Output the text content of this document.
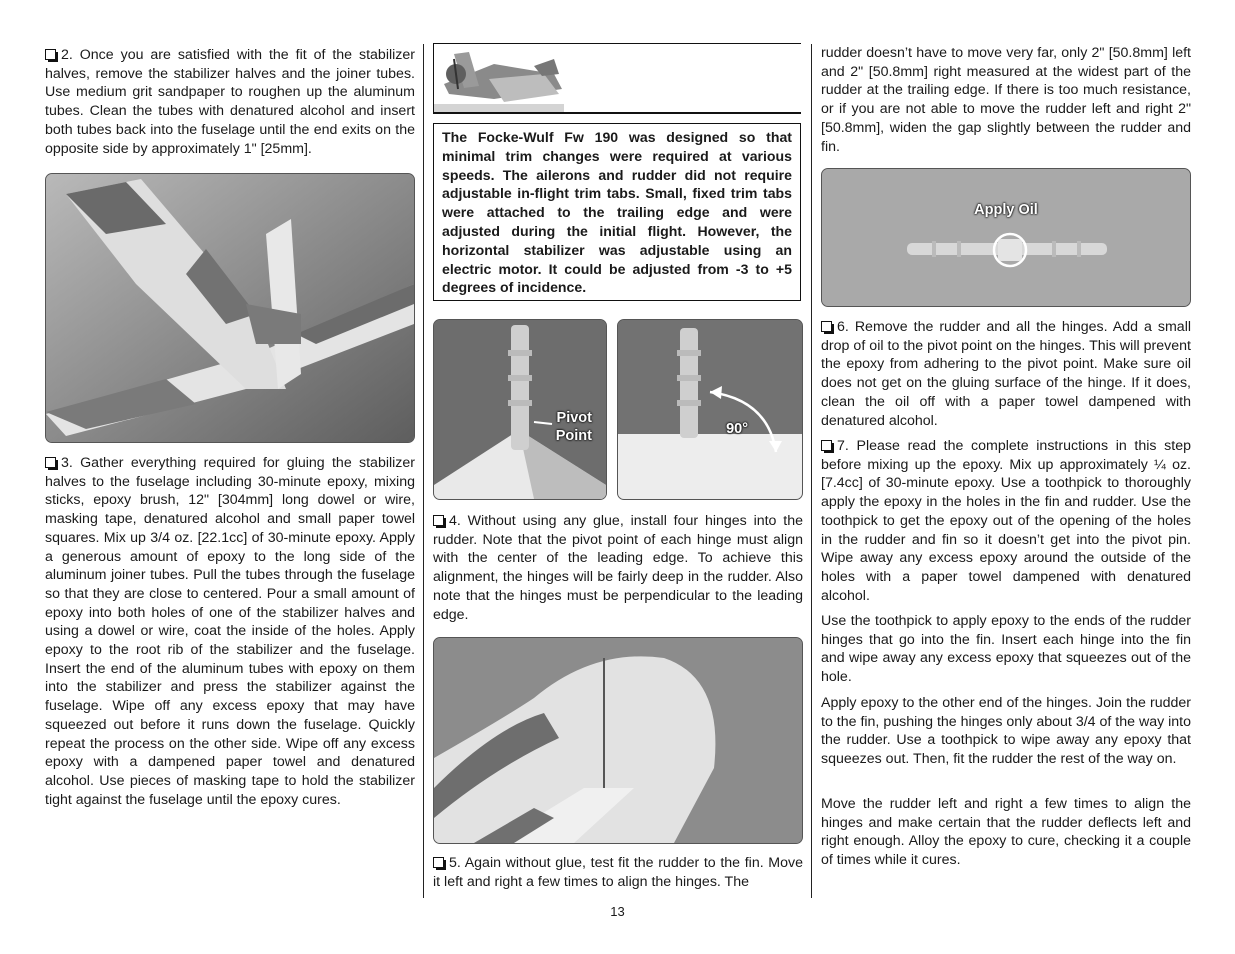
2. Once you are satisfied with the fit of the stabilizer halves, remove the stabilizer halves and the joiner tubes. Use medium grit sandpaper to roughen up the aluminum tubes. Clean the tubes with denatured alcohol and insert both tubes back into the fuselage until the end exits on the opposite side by approximately 1" [25mm].

3. Gather everything required for gluing the stabilizer halves to the fuselage including 30-minute epoxy, mixing sticks, epoxy brush, 12" [304mm] long dowel or wire, masking tape, denatured alcohol and small paper towel squares. Mix up 3/4 oz. [22.1cc] of 30-minute epoxy. Apply a generous amount of epoxy to the long side of the aluminum joiner tubes. Pull the tubes through the fuselage so that they are close to centered. Pour a small amount of epoxy into both holes of one of the stabilizer halves and using a dowel or wire, coat the inside of the holes. Apply epoxy to the root rib of the stabilizer and the fuselage. Insert the end of the aluminum tubes with epoxy on them into the stabilizer and press the stabilizer against the fuselage. Wipe off any excess epoxy that may have squeezed out before it runs down the fuselage. Quickly repeat the process on the other side. Wipe off any excess epoxy with a dampened paper towel and denatured alcohol. Use pieces of masking tape to hold the stabilizer tight against the fuselage until the epoxy cures.

The Focke-Wulf Fw 190 was designed so that minimal trim changes were required at various speeds. The ailerons and rudder did not require adjustable in-flight trim tabs. Small, fixed trim tabs were attached to the trailing edge and were adjusted during the initial flight. However, the horizontal stabilizer was adjustable using an electric motor. It could be adjusted from -3 to +5 degrees of incidence.

Pivot
Point	90°

4. Without using any glue, install four hinges into the rudder. Note that the pivot point of each hinge must align with the center of the leading edge. To achieve this alignment, the hinges will be fairly deep in the rudder. Also note that the hinges must be perpendicular to the leading edge.

5. Again without glue, test fit the rudder to the fin. Move it left and right a few times to align the hinges. The

rudder doesn’t have to move very far, only 2" [50.8mm] left and 2" [50.8mm] right measured at the widest part of the rudder at the trailing edge. If there is too much resistance, or if you are not able to move the rudder left and right 2" [50.8mm], widen the gap slightly between the rudder and fin.

Apply Oil

6. Remove the rudder and all the hinges. Add a small drop of oil to the pivot point on the hinges. This will prevent the epoxy from adhering to the pivot point. Make sure oil does not get on the gluing surface of the hinge. If it does, clean the oil off with a paper towel dampened with denatured alcohol.

7. Please read the complete instructions in this step before mixing up the epoxy. Mix up approximately ¼ oz. [7.4cc] of 30-minute epoxy. Use a toothpick to thoroughly apply the epoxy in the holes in the fin and rudder. Use the toothpick to get the epoxy out of the opening of the holes in the rudder and fin so it doesn’t get into the pivot pin. Wipe away any excess epoxy around the outside of the holes with a paper towel dampened with denatured alcohol.

Use the toothpick to apply epoxy to the ends of the rudder hinges that go into the fin. Insert each hinge into the fin and wipe away any excess epoxy that squeezes out of the hole.

Apply epoxy to the other end of the hinges. Join the rudder to the fin, pushing the hinges only about 3/4 of the way into the rudder. Use a toothpick to wipe away any epoxy that squeezes out. Then, fit the rudder the rest of the way on.

Move the rudder left and right a few times to align the hinges and make certain that the rudder deflects left and right enough. Alloy the epoxy to cure, checking it a couple of times while it cures.

13
